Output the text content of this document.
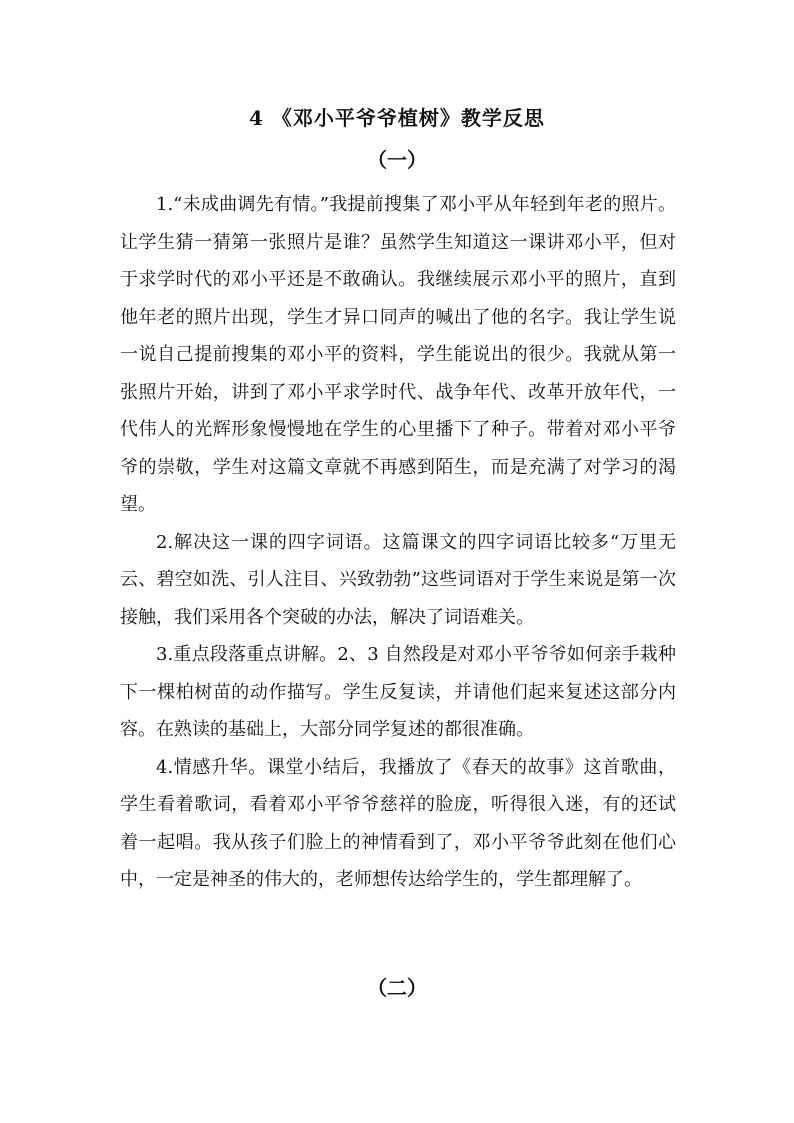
4 《邓小平爷爷植树》教学反思
（一）

1.“未成曲调先有情。”我提前搜集了邓小平从年轻到年老的照片。让学生猜一猜第一张照片是谁？虽然学生知道这一课讲邓小平，但对于求学时代的邓小平还是不敢确认。我继续展示邓小平的照片，直到他年老的照片出现，学生才异口同声的喊出了他的名字。我让学生说一说自己提前搜集的邓小平的资料，学生能说出的很少。我就从第一张照片开始，讲到了邓小平求学时代、战争年代、改革开放年代，一代伟人的光辉形象慢慢地在学生的心里播下了种子。带着对邓小平爷爷的崇敬，学生对这篇文章就不再感到陌生，而是充满了对学习的渴望。

2.解决这一课的四字词语。这篇课文的四字词语比较多“万里无云、碧空如洗、引人注目、兴致勃勃”这些词语对于学生来说是第一次接触，我们采用各个突破的办法，解决了词语难关。

3.重点段落重点讲解。2、3 自然段是对邓小平爷爷如何亲手栽种下一棵柏树苗的动作描写。学生反复读，并请他们起来复述这部分内容。在熟读的基础上，大部分同学复述的都很准确。

4.情感升华。课堂小结后，我播放了《春天的故事》这首歌曲，学生看着歌词，看着邓小平爷爷慈祥的脸庞，听得很入迷，有的还试着一起唱。我从孩子们脸上的神情看到了，邓小平爷爷此刻在他们心中，一定是神圣的伟大的，老师想传达给学生的，学生都理解了。

（二）
